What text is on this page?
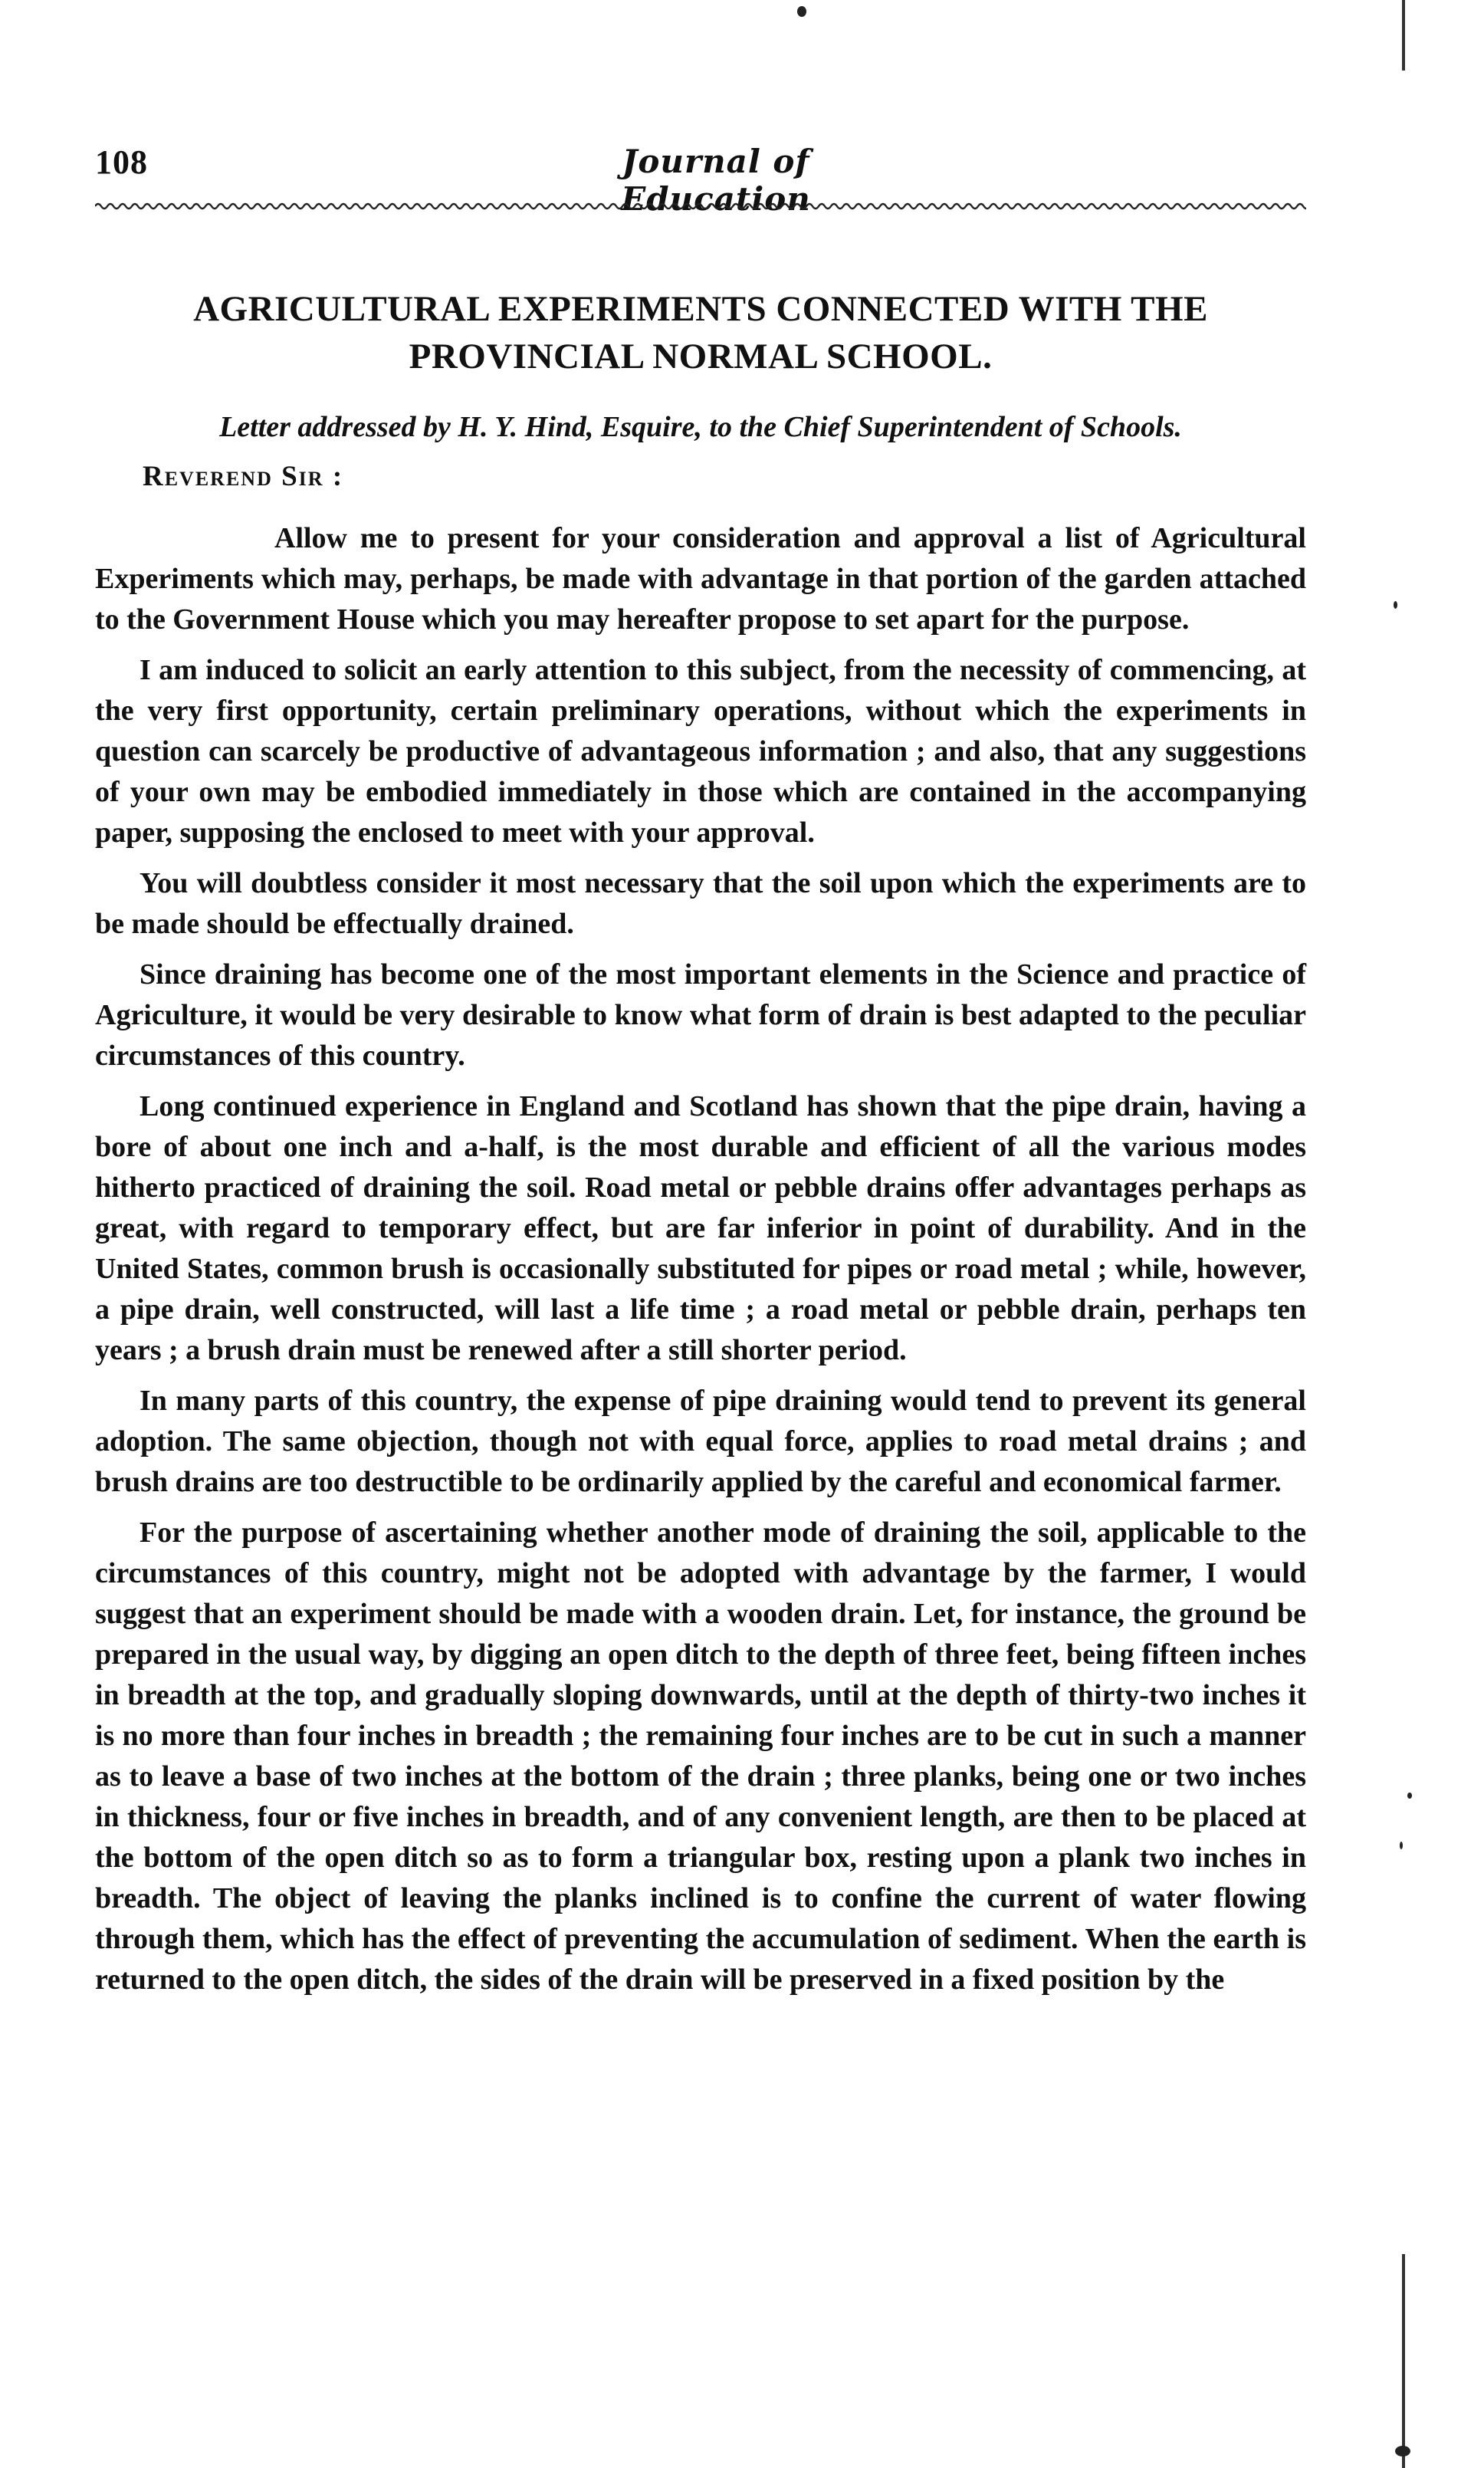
108	Journal of Education
AGRICULTURAL EXPERIMENTS CONNECTED WITH THE PROVINCIAL NORMAL SCHOOL.
Letter addressed by H. Y. Hind, Esquire, to the Chief Superintendent of Schools.
Reverend Sir :

Allow me to present for your consideration and approval a list of Agricultural Experiments which may, perhaps, be made with advantage in that portion of the garden attached to the Government House which you may hereafter propose to set apart for the purpose.

I am induced to solicit an early attention to this subject, from the necessity of commencing, at the very first opportunity, certain preliminary operations, without which the experiments in question can scarcely be productive of advantageous information ; and also, that any suggestions of your own may be embodied immediately in those which are contained in the accompanying paper, supposing the enclosed to meet with your approval.

You will doubtless consider it most necessary that the soil upon which the experiments are to be made should be effectually drained.

Since draining has become one of the most important elements in the Science and practice of Agriculture, it would be very desirable to know what form of drain is best adapted to the peculiar circumstances of this country.

Long continued experience in England and Scotland has shown that the pipe drain, having a bore of about one inch and a-half, is the most durable and efficient of all the various modes hitherto practiced of draining the soil. Road metal or pebble drains offer advantages perhaps as great, with regard to temporary effect, but are far inferior in point of durability. And in the United States, common brush is occasionally substituted for pipes or road metal ; while, however, a pipe drain, well constructed, will last a life time ; a road metal or pebble drain, perhaps ten years ; a brush drain must be renewed after a still shorter period.

In many parts of this country, the expense of pipe draining would tend to prevent its general adoption. The same objection, though not with equal force, applies to road metal drains ; and brush drains are too destructible to be ordinarily applied by the careful and economical farmer.

For the purpose of ascertaining whether another mode of draining the soil, applicable to the circumstances of this country, might not be adopted with advantage by the farmer, I would suggest that an experiment should be made with a wooden drain. Let, for instance, the ground be prepared in the usual way, by digging an open ditch to the depth of three feet, being fifteen inches in breadth at the top, and gradually sloping downwards, until at the depth of thirty-two inches it is no more than four inches in breadth ; the remaining four inches are to be cut in such a manner as to leave a base of two inches at the bottom of the drain ; three planks, being one or two inches in thickness, four or five inches in breadth, and of any convenient length, are then to be placed at the bottom of the open ditch so as to form a triangular box, resting upon a plank two inches in breadth. The object of leaving the planks inclined is to confine the current of water flowing through them, which has the effect of preventing the accumulation of sediment. When the earth is returned to the open ditch, the sides of the drain will be preserved in a fixed position by the
